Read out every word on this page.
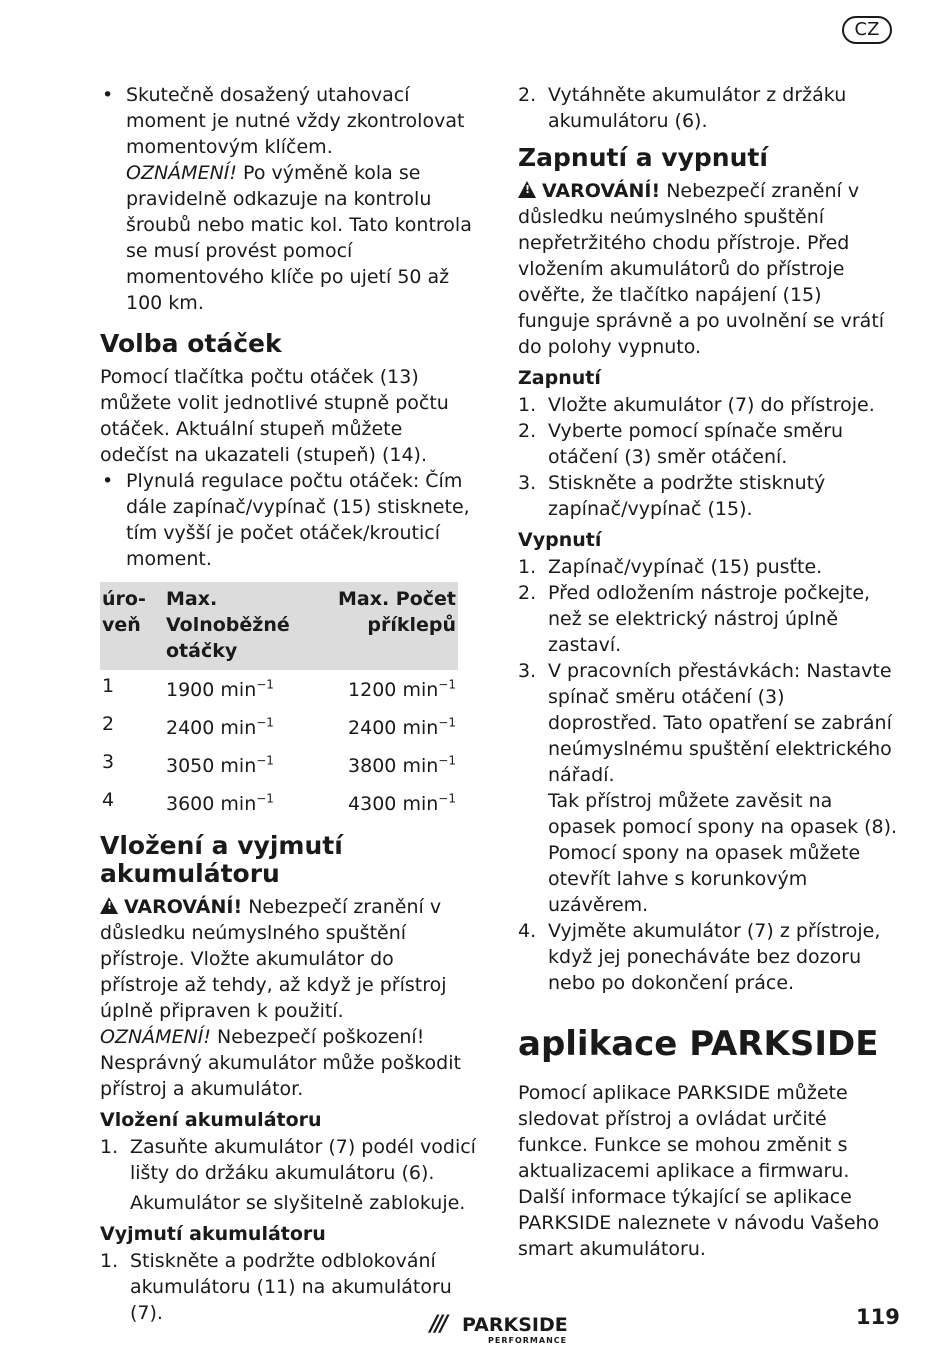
CZ

• Skutečně dosažený utahovací moment je nutné vždy zkontrolovat momentovým klíčem.
OZNÁMENÍ! Po výměně kola se pravidelně odkazuje na kontrolu šroubů nebo matic kol. Tato kontrola se musí provést pomocí momentového klíče po ujetí 50 až 100 km.

Volba otáček

Pomocí tlačítka počtu otáček (13) můžete volit jednotlivé stupně počtu otáček. Aktuální stupeň můžete odečíst na ukazateli (stupeň) (14).

• Plynulá regulace počtu otáček: Čím dále zapínač/vypínač (15) stisknete, tím vyšší je počet otáček/krouticí moment.

úro-veň	Max. Volnoběžné otáčky	Max. Počet příklepů
1	1900 $\min^{-1}$	1200 $\min^{-1}$
2	2400 $\min^{-1}$	2400 $\min^{-1}$
3	3050 $\min^{-1}$	3800 $\min^{-1}$
4	3600 $\min^{-1}$	4300 $\min^{-1}$
Vložení a vyjmutí akumulátoru

!VAROVÁNÍ! Nebezpečí zranění v důsledku neúmyslného spuštění přístroje. Vložte akumulátor do přístroje až tehdy, až když je přístroj úplně připraven k použití.

OZNÁMENÍ! Nebezpečí poškození! Nesprávný akumulátor může poškodit přístroj a akumulátor.

Vložení akumulátoru

1. Zasuňte akumulátor (7) podél vodicí lišty do držáku akumulátoru (6).

Akumulátor se slyšitelně zablokuje.

Vyjmutí akumulátoru

1. Stiskněte a podržte odblokování akumulátoru (11) na akumulátoru (7).

2. Vytáhněte akumulátor z držáku akumulátoru (6).

Zapnutí a vypnutí

!VAROVÁNÍ! Nebezpečí zranění v důsledku neúmyslného spuštění nepřetržitého chodu přístroje. Před vložením akumulátorů do přístroje ověřte, že tlačítko napájení (15) funguje správně a po uvolnění se vrátí do polohy vypnuto.

Zapnutí

1. Vložte akumulátor (7) do přístroje.

2. Vyberte pomocí spínače směru otáčení (3) směr otáčení.

3. Stiskněte a podržte stisknutý zapínač/vypínač (15).

Vypnutí

1. Zapínač/vypínač (15) pusťte.

2. Před odložením nástroje počkejte, než se elektrický nástroj úplně zastaví.

3. V pracovních přestávkách: Nastavte spínač směru otáčení (3) doprostřed. Tato opatření se zabrání neúmyslnému spuštění elektrického nářadí.

Tak přístroj můžete zavěsit na opasek pomocí spony na opasek (8). Pomocí spony na opasek můžete otevřít lahve s korunkovým uzávěrem.

4. Vyjměte akumulátor (7) z přístroje, když jej ponecháváte bez dozoru nebo po dokončení práce.

aplikace PARKSIDE

Pomocí aplikace PARKSIDE můžete sledovat přístroj a ovládat určité funkce. Funkce se mohou změnit s aktualizacemi aplikace a firmwaru. Další informace týkající se aplikace PARKSIDE naleznete v návodu Vašeho smart akumulátoru.

/// PARKSIDE
PERFORMANCE
119
